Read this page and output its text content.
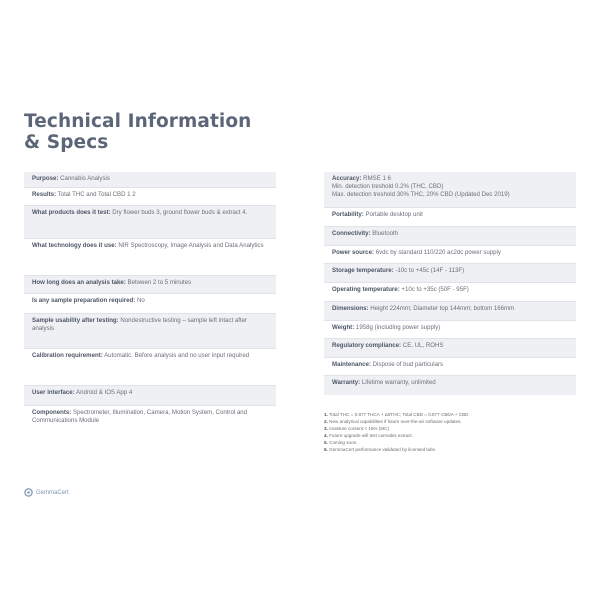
Technical Information
& Specs
Purpose: Cannabis Analysis
Results: Total THC and Total CBD 1 2
What products does it test: Dry flower buds 3, ground flower buds & extract 4.
What technology does it use: NIR Spectroscopy, Image Analysis and Data Analytics
How long does an analysis take: Between 2 to 5 minutes
Is any sample preparation required: No
Sample usability after testing: Nondestructive testing – sample left intact after analysis
Calibration requirement: Automatic. Before analysis and no user input required
User interface: Android & IOS App 4
Components: Spectrometer, Illumination, Camera, Motion System, Control and Communications Module
Accuracy: RMSE 1 6
Min. detection treshold 0.2% (THC, CBD)
Max. detection treshold 30% THC, 20% CBD (Updated Dec 2019)
Portability: Portable desktop unit
Connectivity: Bluetooth
Power source: 6vdc by standard 110/220 ac2dc power supply
Storage temperature: -10c to +45c (14F - 113F)
Operating temperature: +10c to +35c (50F - 95F)
Dimensions: Height 224mm; Diameter top 144mm; bottom 166mm
Weight: 1958g (including power supply)
Regulatory compliance: CE, UL, ROHS
Maintenance: Dispose of bud particulars
Warranty: Lifetime warranty, unlimited
1. Total THC = 0.877 THCA + Δ9THC; Total CBD = 0.877 CBDA + CBD
2. New analytical capabilities if future over-the-air software updates.
3. moisture content < 15% (MC)
4. Future upgrade will test cannabis extract.
5. Coming soon.
6. GemmaCert performance validated by licensed labs.
GemmaCert
